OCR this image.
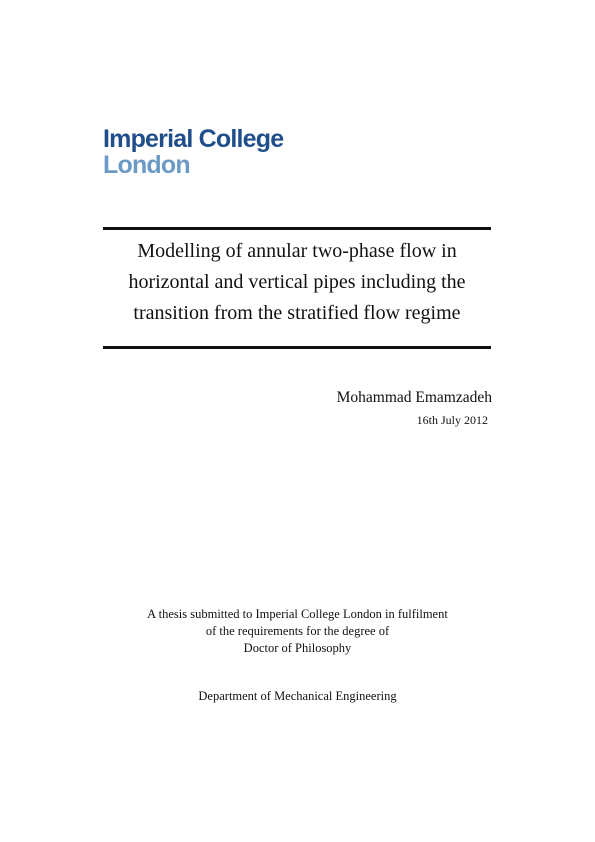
Imperial College
London
Modelling of annular two-phase flow in
horizontal and vertical pipes including the
transition from the stratified flow regime
Mohammad Emamzadeh
16th July 2012
A thesis submitted to Imperial College London in fulfilment
of the requirements for the degree of
Doctor of Philosophy
Department of Mechanical Engineering
